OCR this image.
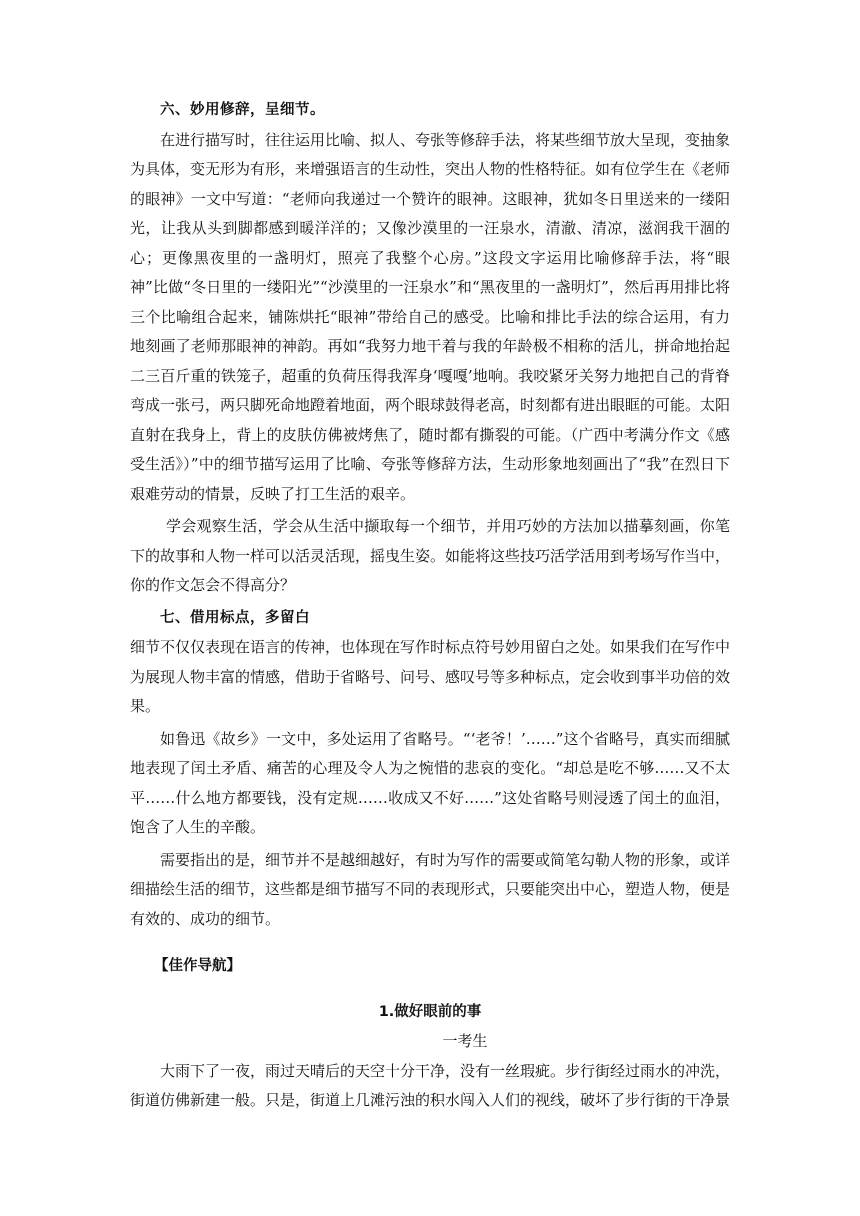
六、妙用修辞，呈细节。

在进行描写时，往往运用比喻、拟人、夸张等修辞手法，将某些细节放大呈现，变抽象为具体，变无形为有形，来增强语言的生动性，突出人物的性格特征。如有位学生在《老师的眼神》一文中写道：“老师向我递过一个赞许的眼神。这眼神，犹如冬日里送来的一缕阳光，让我从头到脚都感到暖洋洋的；又像沙漠里的一汪泉水，清澈、清凉，滋润我干涸的心；更像黑夜里的一盏明灯，照亮了我整个心房。”这段文字运用比喻修辞手法，将“眼神”比做“冬日里的一缕阳光”“沙漠里的一汪泉水”和“黑夜里的一盏明灯”，然后再用排比将三个比喻组合起来，铺陈烘托“眼神”带给自己的感受。比喻和排比手法的综合运用，有力地刻画了老师那眼神的神韵。再如“我努力地干着与我的年龄极不相称的活儿，拼命地抬起二三百斤重的铁笼子，超重的负荷压得我浑身‘嘎嘎’地响。我咬紧牙关努力地把自己的背脊弯成一张弓，两只脚死命地蹬着地面，两个眼球鼓得老高，时刻都有进出眼眶的可能。太阳直射在我身上，背上的皮肤仿佛被烤焦了，随时都有撕裂的可能。（广西中考满分作文《感受生活》）”中的细节描写运用了比喻、夸张等修辞方法，生动形象地刻画出了“我”在烈日下艰难劳动的情景，反映了打工生活的艰辛。

学会观察生活，学会从生活中撷取每一个细节，并用巧妙的方法加以描摹刻画，你笔下的故事和人物一样可以活灵活现，摇曳生姿。如能将这些技巧活学活用到考场写作当中，你的作文怎会不得高分？

七、借用标点，多留白

细节不仅仅表现在语言的传神，也体现在写作时标点符号妙用留白之处。如果我们在写作中为展现人物丰富的情感，借助于省略号、问号、感叹号等多种标点，定会收到事半功倍的效果。

如鲁迅《故乡》一文中，多处运用了省略号。“‘老爷！’……”这个省略号，真实而细腻地表现了闰土矛盾、痛苦的心理及令人为之惋惜的悲哀的变化。“却总是吃不够……又不太平……什么地方都要钱，没有定规……收成又不好……”这处省略号则浸透了闰土的血泪，饱含了人生的辛酸。

需要指出的是，细节并不是越细越好，有时为写作的需要或简笔勾勒人物的形象，或详细描绘生活的细节，这些都是细节描写不同的表现形式，只要能突出中心，塑造人物，便是有效的、成功的细节。

【佳作导航】

1.做好眼前的事

一考生

大雨下了一夜，雨过天晴后的天空十分干净，没有一丝瑕疵。步行街经过雨水的冲洗，街道仿佛新建一般。只是，街道上几滩污浊的积水闯入人们的视线，破坏了步行街的干净景
